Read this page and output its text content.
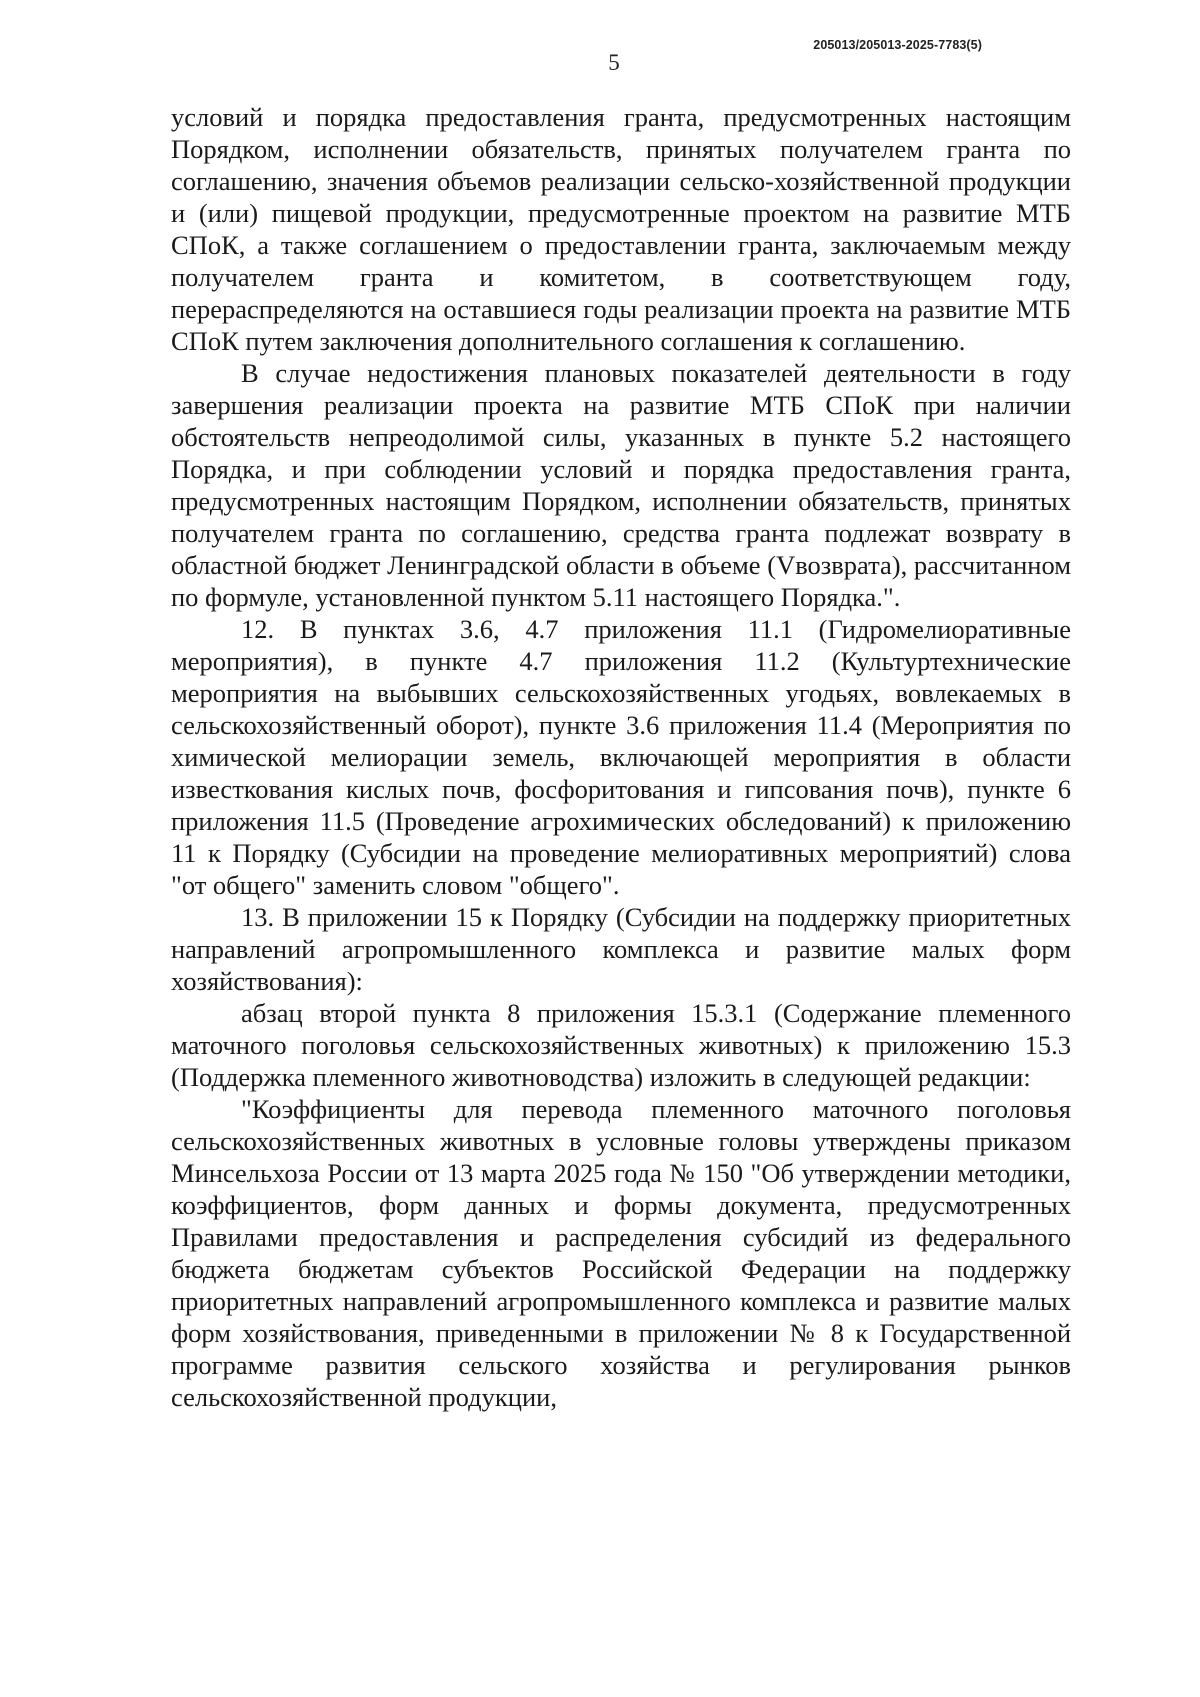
205013/205013-2025-7783(5)
5

условий и порядка предоставления гранта, предусмотренных настоящим Порядком, исполнении обязательств, принятых получателем гранта по соглашению, значения объемов реализации сельско-хозяйственной продукции и (или) пищевой продукции, предусмотренные проектом на развитие МТБ СПоК, а также соглашением о предоставлении гранта, заключаемым между получателем гранта и комитетом, в соответствующем году, перераспределяются на оставшиеся годы реализации проекта на развитие МТБ СПоК путем заключения дополнительного соглашения к соглашению.

В случае недостижения плановых показателей деятельности в году завершения реализации проекта на развитие МТБ СПоК при наличии обстоятельств непреодолимой силы, указанных в пункте 5.2 настоящего Порядка, и при соблюдении условий и порядка предоставления гранта, предусмотренных настоящим Порядком, исполнении обязательств, принятых получателем гранта по соглашению, средства гранта подлежат возврату в областной бюджет Ленинградской области в объеме (Vвозврата), рассчитанном по формуле, установленной пунктом 5.11 настоящего Порядка.".

12. В пунктах 3.6, 4.7 приложения 11.1 (Гидромелиоративные мероприятия), в пункте 4.7 приложения 11.2 (Культуртехнические мероприятия на выбывших сельскохозяйственных угодьях, вовлекаемых в сельскохозяйственный оборот), пункте 3.6 приложения 11.4 (Мероприятия по химической мелиорации земель, включающей мероприятия в области известкования кислых почв, фосфоритования и гипсования почв), пункте 6 приложения 11.5 (Проведение агрохимических обследований) к приложению 11 к Порядку (Субсидии на проведение мелиоративных мероприятий) слова "от общего" заменить словом "общего".

13. В приложении 15 к Порядку (Субсидии на поддержку приоритетных направлений агропромышленного комплекса и развитие малых форм хозяйствования):

абзац второй пункта 8 приложения 15.3.1 (Содержание племенного маточного поголовья сельскохозяйственных животных) к приложению 15.3 (Поддержка племенного животноводства) изложить в следующей редакции:

"Коэффициенты для перевода племенного маточного поголовья сельскохозяйственных животных в условные головы утверждены приказом Минсельхоза России от 13 марта 2025 года № 150 "Об утверждении методики, коэффициентов, форм данных и формы документа, предусмотренных Правилами предоставления и распределения субсидий из федерального бюджета бюджетам субъектов Российской Федерации на поддержку приоритетных направлений агропромышленного комплекса и развитие малых форм хозяйствования, приведенными в приложении № 8 к Государственной программе развития сельского хозяйства и регулирования рынков сельскохозяйственной продукции,
